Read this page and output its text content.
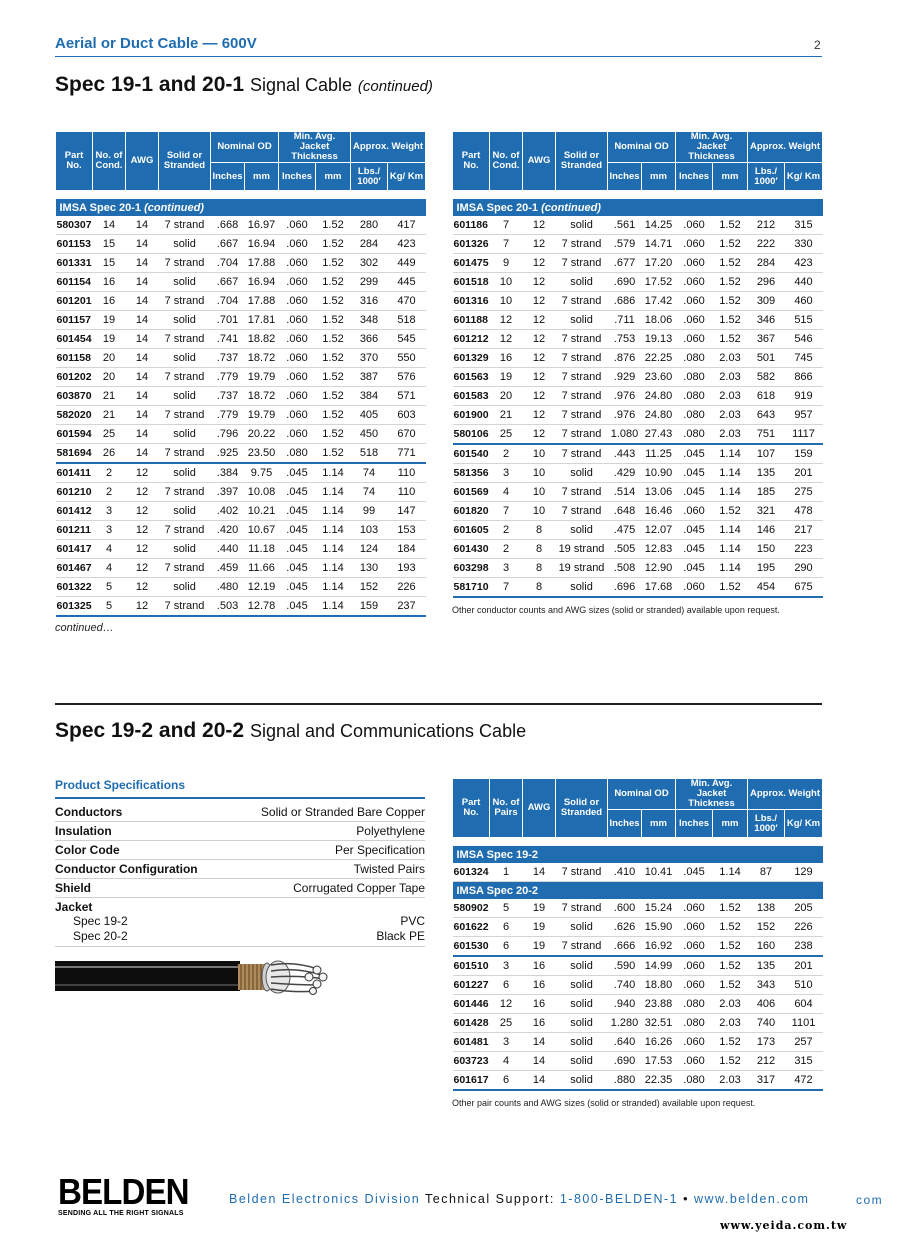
Aerial or Duct Cable — 600V	2
Spec 19-1 and 20-1 Signal Cable (continued)
Part No.	No. of Cond.	AWG	Solid or Stranded	Nominal OD		Min. Avg. Jacket Thickness		Approx. Weight	
				Inches	mm	Inches	mm	Lbs./ 1000′	Kg/ Km

IMSA Spec 20-1 (continued)									
580307	14	14	7 strand	.668	16.97	.060	1.52	280	417
601153	15	14	solid	.667	16.94	.060	1.52	284	423
601331	15	14	7 strand	.704	17.88	.060	1.52	302	449
601154	16	14	solid	.667	16.94	.060	1.52	299	445
601201	16	14	7 strand	.704	17.88	.060	1.52	316	470
601157	19	14	solid	.701	17.81	.060	1.52	348	518
601454	19	14	7 strand	.741	18.82	.060	1.52	366	545
601158	20	14	solid	.737	18.72	.060	1.52	370	550
601202	20	14	7 strand	.779	19.79	.060	1.52	387	576
603870	21	14	solid	.737	18.72	.060	1.52	384	571
582020	21	14	7 strand	.779	19.79	.060	1.52	405	603
601594	25	14	solid	.796	20.22	.060	1.52	450	670
581694	26	14	7 strand	.925	23.50	.080	1.52	518	771
601411	2	12	solid	.384	9.75	.045	1.14	74	110
601210	2	12	7 strand	.397	10.08	.045	1.14	74	110
601412	3	12	solid	.402	10.21	.045	1.14	99	147
601211	3	12	7 strand	.420	10.67	.045	1.14	103	153
601417	4	12	solid	.440	11.18	.045	1.14	124	184
601467	4	12	7 strand	.459	11.66	.045	1.14	130	193
601322	5	12	solid	.480	12.19	.045	1.14	152	226
601325	5	12	7 strand	.503	12.78	.045	1.14	159	237
continued…
Part No.	No. of Cond.	AWG	Solid or Stranded	Nominal OD		Min. Avg. Jacket Thickness		Approx. Weight	
				Inches	mm	Inches	mm	Lbs./ 1000′	Kg/ Km

IMSA Spec 20-1 (continued)									
601186	7	12	solid	.561	14.25	.060	1.52	212	315
601326	7	12	7 strand	.579	14.71	.060	1.52	222	330
601475	9	12	7 strand	.677	17.20	.060	1.52	284	423
601518	10	12	solid	.690	17.52	.060	1.52	296	440
601316	10	12	7 strand	.686	17.42	.060	1.52	309	460
601188	12	12	solid	.711	18.06	.060	1.52	346	515
601212	12	12	7 strand	.753	19.13	.060	1.52	367	546
601329	16	12	7 strand	.876	22.25	.080	2.03	501	745
601563	19	12	7 strand	.929	23.60	.080	2.03	582	866
601583	20	12	7 strand	.976	24.80	.080	2.03	618	919
601900	21	12	7 strand	.976	24.80	.080	2.03	643	957
580106	25	12	7 strand	1.080	27.43	.080	2.03	751	1117
601540	2	10	7 strand	.443	11.25	.045	1.14	107	159
581356	3	10	solid	.429	10.90	.045	1.14	135	201
601569	4	10	7 strand	.514	13.06	.045	1.14	185	275
601820	7	10	7 strand	.648	16.46	.060	1.52	321	478
601605	2	8	solid	.475	12.07	.045	1.14	146	217
601430	2	8	19 strand	.505	12.83	.045	1.14	150	223
603298	3	8	19 strand	.508	12.90	.045	1.14	195	290
581710	7	8	solid	.696	17.68	.060	1.52	454	675
Other conductor counts and AWG sizes (solid or stranded) available upon request.
Spec 19-2 and 20-2 Signal and Communications Cable
Product Specifications
Conductors	Solid or Stranded Bare Copper
Insulation	Polyethylene
Color Code	Per Specification
Conductor Configuration	Twisted Pairs
Shield	Corrugated Copper Tape
Jacket
Spec 19-2	PVC
Spec 20-2	Black PE
Part No.	No. of Pairs	AWG	Solid or Stranded	Nominal OD		Min. Avg. Jacket Thickness		Approx. Weight	
				Inches	mm	Inches	mm	Lbs./ 1000′	Kg/ Km

IMSA Spec 19-2									
601324	1	14	7 strand	.410	10.41	.045	1.14	87	129
IMSA Spec 20-2									
580902	5	19	7 strand	.600	15.24	.060	1.52	138	205
601622	6	19	solid	.626	15.90	.060	1.52	152	226
601530	6	19	7 strand	.666	16.92	.060	1.52	160	238
601510	3	16	solid	.590	14.99	.060	1.52	135	201
601227	6	16	solid	.740	18.80	.060	1.52	343	510
601446	12	16	solid	.940	23.88	.080	2.03	406	604
601428	25	16	solid	1.280	32.51	.080	2.03	740	1101
601481	3	14	solid	.640	16.26	.060	1.52	173	257
603723	4	14	solid	.690	17.53	.060	1.52	212	315
601617	6	14	solid	.880	22.35	.080	2.03	317	472
Other pair counts and AWG sizes (solid or stranded) available upon request.
BELDEN
SENDING ALL THE RIGHT SIGNALS
Belden Electronics Division Technical Support: 1-800-BELDEN-1 • www.belden.com	com
www.yeida.com.tw
